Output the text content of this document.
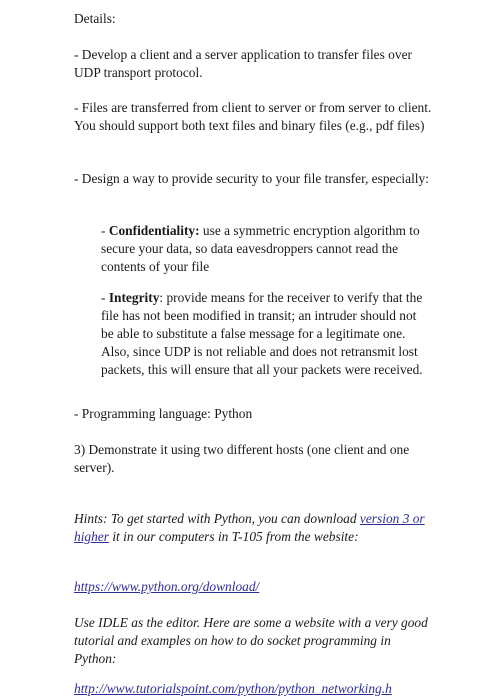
Details:

- Develop a client and a server application to transfer files over UDP transport protocol.

- Files are transferred from client to server or from server to client. You should support both text files and binary files (e.g., pdf files)

- Design a way to provide security to your file transfer, especially:

- Confidentiality: use a symmetric encryption algorithm to secure your data, so data eavesdroppers cannot read the contents of your file

- Integrity: provide means for the receiver to verify that the file has not been modified in transit; an intruder should not be able to substitute a false message for a legitimate one. Also, since UDP is not reliable and does not retransmit lost packets, this will ensure that all your packets were received.

- Programming language: Python

3) Demonstrate it using two different hosts (one client and one server).

Hints: To get started with Python, you can download version 3 or higher it in our computers in T-105 from the website:

https://www.python.org/download/

Use IDLE as the editor. Here are some a website with a very good tutorial and examples on how to do socket programming in Python:

http://www.tutorialspoint.com/python/python_networking.h
